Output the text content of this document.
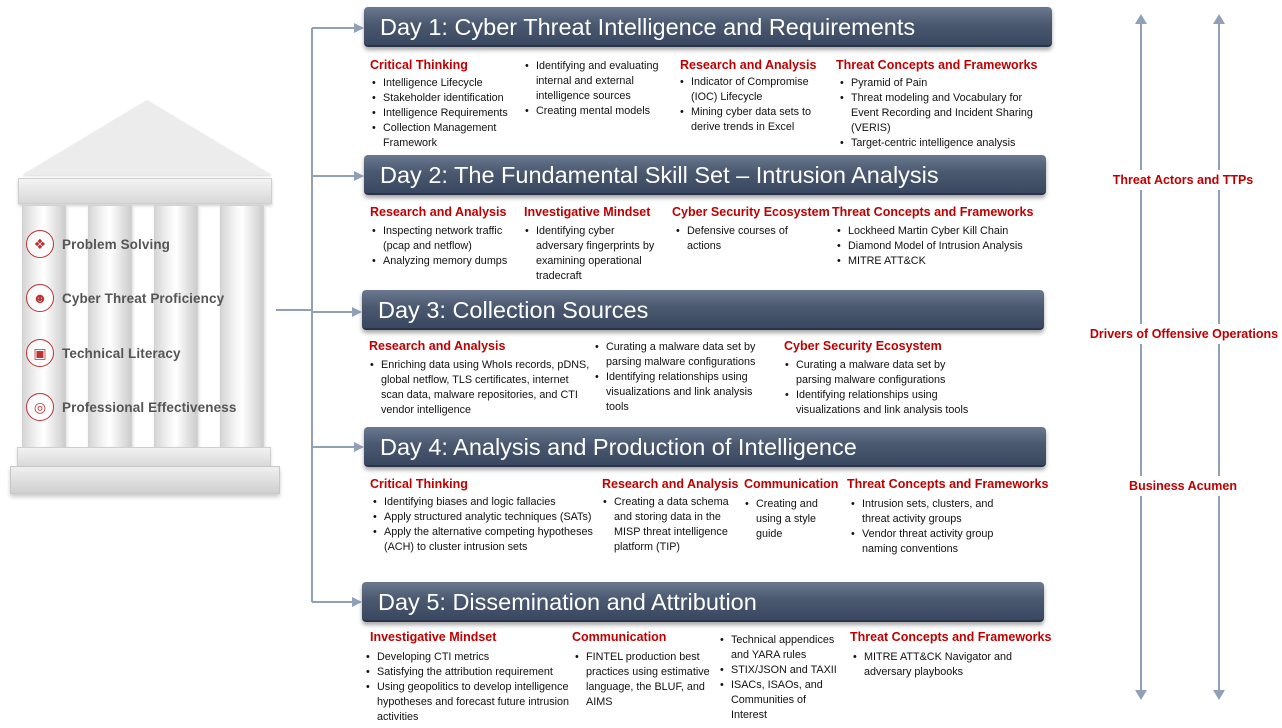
❖	Problem Solving
☻	Cyber Threat Proficiency
▣	Technical Literacy
◎	Professional Effectiveness
Day 1: Cyber Threat Intelligence and Requirements
Critical Thinking
• Intelligence Lifecycle
• Stakeholder identification
• Intelligence Requirements
• Collection Management Framework
• Identifying and evaluating internal and external intelligence sources
• Creating mental models
Research and Analysis
• Indicator of Compromise (IOC) Lifecycle
• Mining cyber data sets to derive trends in Excel
Threat Concepts and Frameworks
• Pyramid of Pain
• Threat modeling and Vocabulary for Event Recording and Incident Sharing (VERIS)
• Target-centric intelligence analysis
Day 2: The Fundamental Skill Set – Intrusion Analysis
Research and Analysis
• Inspecting network traffic (pcap and netflow)
• Analyzing memory dumps
Investigative Mindset
• Identifying cyber adversary fingerprints by examining operational tradecraft
Cyber Security Ecosystem
• Defensive courses of actions
Threat Concepts and Frameworks
• Lockheed Martin Cyber Kill Chain
• Diamond Model of Intrusion Analysis
• MITRE ATT&CK
Day 3: Collection Sources
Research and Analysis
• Enriching data using WhoIs records, pDNS, global netflow, TLS certificates, internet scan data, malware repositories, and CTI vendor intelligence
• Curating a malware data set by parsing malware configurations
• Identifying relationships using visualizations and link analysis tools
Cyber Security Ecosystem
• Curating a malware data set by parsing malware configurations
• Identifying relationships using visualizations and link analysis tools
Day 4: Analysis and Production of Intelligence
Critical Thinking
• Identifying biases and logic fallacies
• Apply structured analytic techniques (SATs)
• Apply the alternative competing hypotheses (ACH) to cluster intrusion sets
Research and Analysis
• Creating a data schema and storing data in the MISP threat intelligence platform (TIP)
Communication
• Creating and using a style guide
Threat Concepts and Frameworks
• Intrusion sets, clusters, and threat activity groups
• Vendor threat activity group naming conventions
Day 5: Dissemination and Attribution
Investigative Mindset
• Developing CTI metrics
• Satisfying the attribution requirement
• Using geopolitics to develop intelligence hypotheses and forecast future intrusion activities
Communication
• FINTEL production best practices using estimative language, the BLUF, and AIMS
• Technical appendices and YARA rules
• STIX/JSON and TAXII
• ISACs, ISAOs, and Communities of Interest
Threat Concepts and Frameworks
• MITRE ATT&CK Navigator and adversary playbooks
Threat Actors and TTPs
Drivers of Offensive Operations
Business Acumen
